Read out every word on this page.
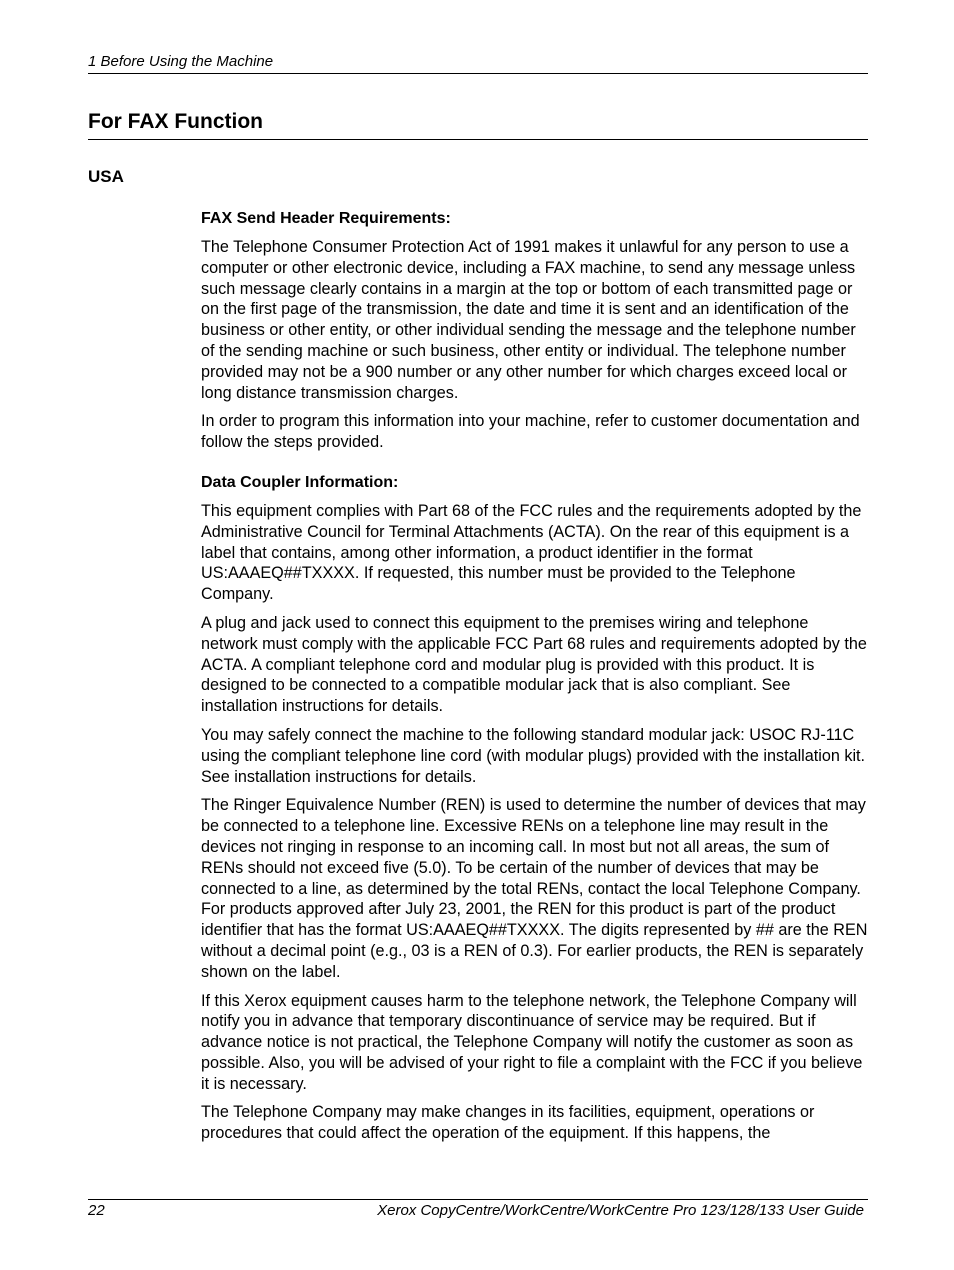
1 Before Using the Machine
For FAX Function
USA
FAX Send Header Requirements:

The Telephone Consumer Protection Act of 1991 makes it unlawful for any person to use a computer or other electronic device, including a FAX machine, to send any message unless such message clearly contains in a margin at the top or bottom of each transmitted page or on the first page of the transmission, the date and time it is sent and an identification of the business or other entity, or other individual sending the message and the telephone number of the sending machine or such business, other entity or individual. The telephone number provided may not be a 900 number or any other number for which charges exceed local or long distance transmission charges.

In order to program this information into your machine, refer to customer documentation and follow the steps provided.

Data Coupler Information:

This equipment complies with Part 68 of the FCC rules and the requirements adopted by the Administrative Council for Terminal Attachments (ACTA). On the rear of this equipment is a label that contains, among other information, a product identifier in the format US:AAAEQ##TXXXX. If requested, this number must be provided to the Telephone Company.

A plug and jack used to connect this equipment to the premises wiring and telephone network must comply with the applicable FCC Part 68 rules and requirements adopted by the ACTA. A compliant telephone cord and modular plug is provided with this product. It is designed to be connected to a compatible modular jack that is also compliant. See installation instructions for details.

You may safely connect the machine to the following standard modular jack: USOC RJ-11C using the compliant telephone line cord (with modular plugs) provided with the installation kit. See installation instructions for details.

The Ringer Equivalence Number (REN) is used to determine the number of devices that may be connected to a telephone line. Excessive RENs on a telephone line may result in the devices not ringing in response to an incoming call. In most but not all areas, the sum of RENs should not exceed five (5.0). To be certain of the number of devices that may be connected to a line, as determined by the total RENs, contact the local Telephone Company. For products approved after July 23, 2001, the REN for this product is part of the product identifier that has the format US:AAAEQ##TXXXX. The digits represented by ## are the REN without a decimal point (e.g., 03 is a REN of 0.3). For earlier products, the REN is separately shown on the label.

If this Xerox equipment causes harm to the telephone network, the Telephone Company will notify you in advance that temporary discontinuance of service may be required. But if advance notice is not practical, the Telephone Company will notify the customer as soon as possible. Also, you will be advised of your right to file a complaint with the FCC if you believe it is necessary.

The Telephone Company may make changes in its facilities, equipment, operations or procedures that could affect the operation of the equipment. If this happens, the

22	Xerox CopyCentre/WorkCentre/WorkCentre Pro 123/128/133 User Guide
